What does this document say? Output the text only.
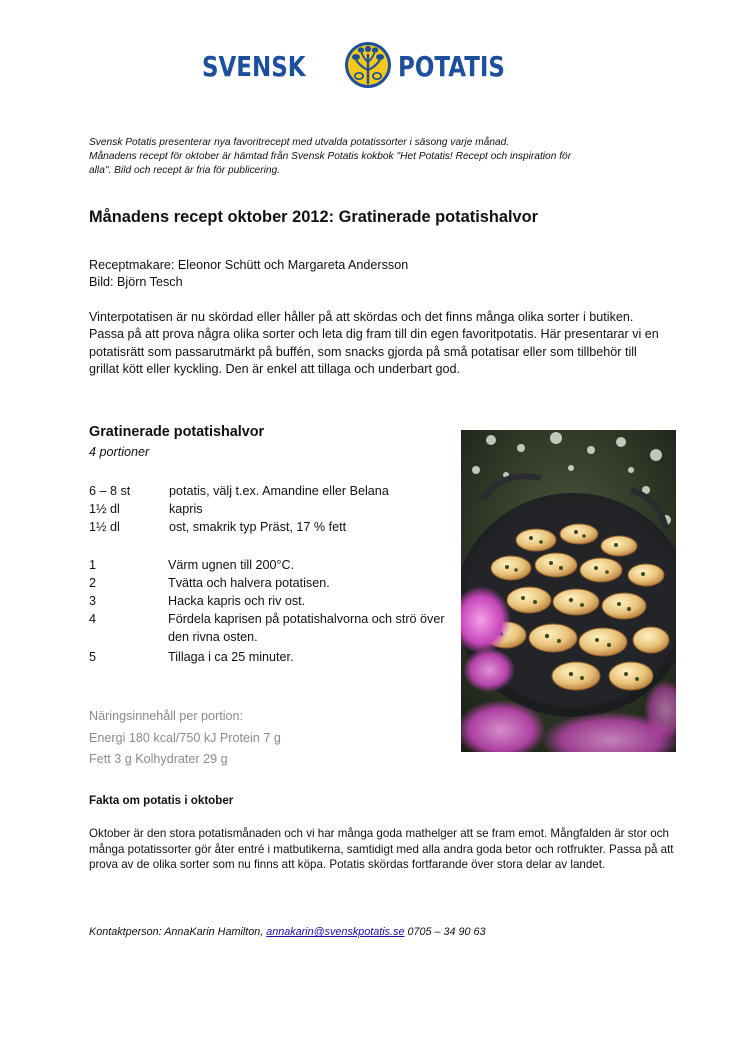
SVENSK	POTATIS

Svensk Potatis presenterar nya favoritrecept med utvalda potatissorter i säsong varje månad.

Månadens recept för oktober är hämtad från Svensk Potatis kokbok "Het Potatis! Recept och inspiration för

alla". Bild och recept är fria för publicering.

Månadens recept oktober 2012: Gratinerade potatishalvor

Receptmakare: Eleonor Schütt och Margareta Andersson

Bild: Björn Tesch

Vinterpotatisen är nu skördad eller håller på att skördas och det finns många olika sorter i butiken. Passa på att prova några olika sorter och leta dig fram till din egen favoritpotatis. Här presentarar vi en potatisrätt som passarutmärkt på buffén, som snacks gjorda på små potatisar eller som tillbehör till grillat kött eller kyckling. Den är enkel att tillaga och underbart god.
Gratinerade potatishalvor
4 portioner
6 – 8 st	potatis, välj t.ex. Amandine eller Belana
1½ dl	kapris
1½ dl	ost, smakrik typ Präst, 17 % fett
1	Värm ugnen till 200°C.
2	Tvätta och halvera potatisen.
3	Hacka kapris och riv ost.
4	Fördela kaprisen på potatishalvorna och strö över den rivna osten.
5	Tillaga i ca 25 minuter.

Näringsinnehåll per portion:

Energi 180 kcal/750 kJ Protein 7 g

Fett 3 g Kolhydrater 29 g

Fakta om potatis i oktober
Oktober är den stora potatismånaden och vi har många goda mathelger att se fram emot. Mångfalden är stor och många potatissorter gör åter entré i matbutikerna, samtidigt med alla andra goda betor och rotfrukter. Passa på att prova av de olika sorter som nu finns att köpa. Potatis skördas fortfarande över stora delar av landet.
Kontaktperson: AnnaKarin Hamilton, annakarin@svenskpotatis.se 0705 – 34 90 63
